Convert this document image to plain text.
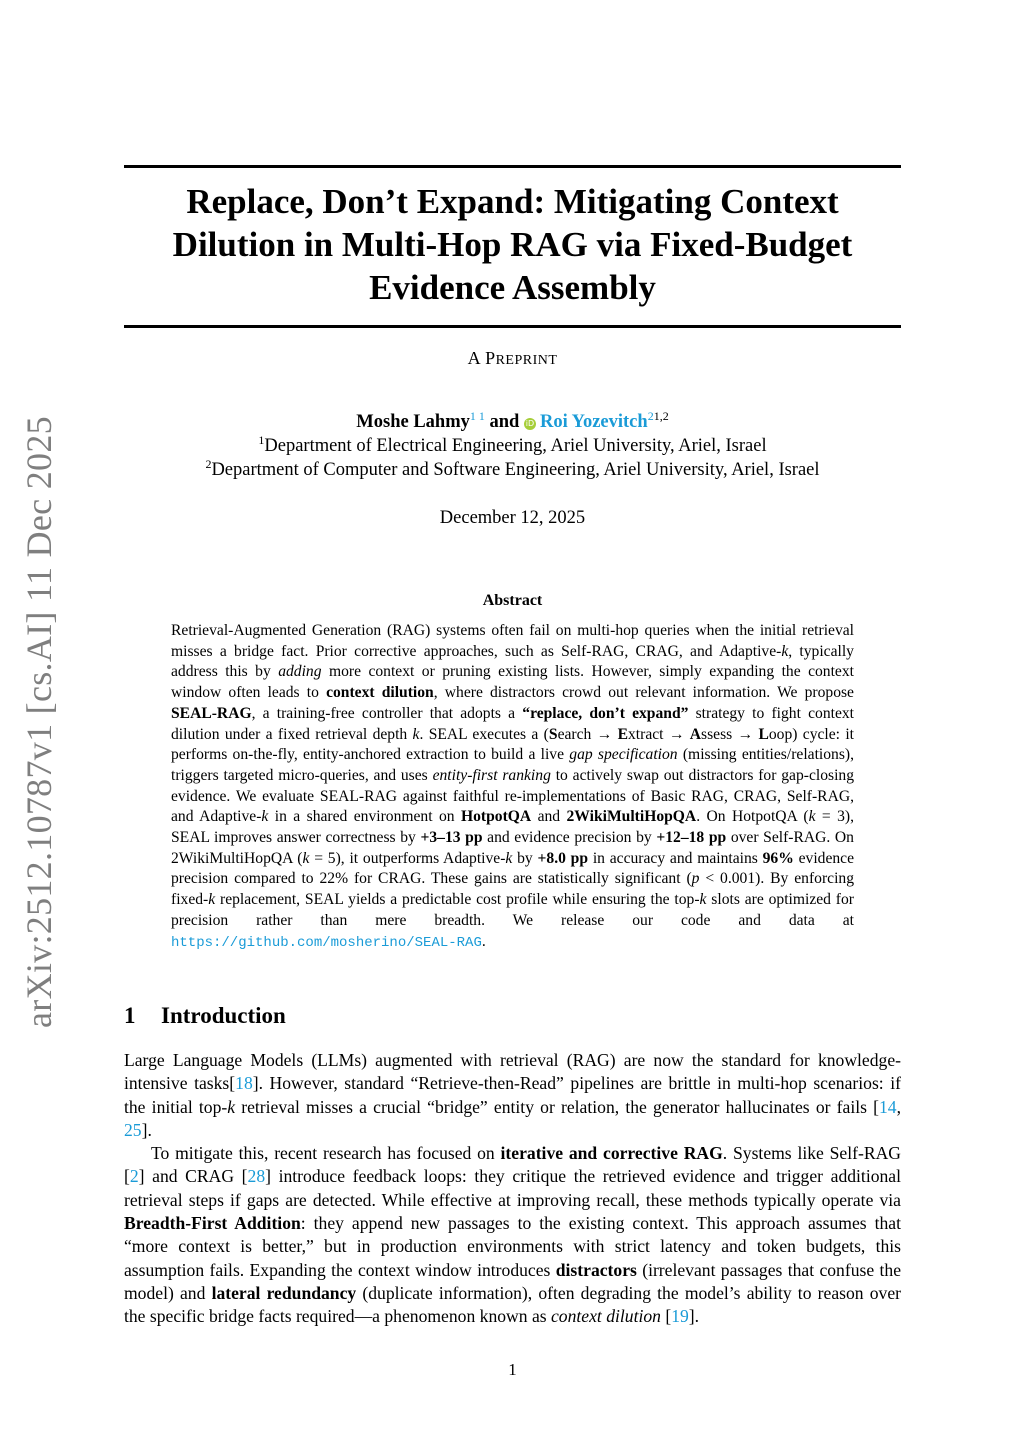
Replace, Don’t Expand: Mitigating Context
Dilution in Multi-Hop RAG via Fixed-Budget
Evidence Assembly
A PREPRINT
Moshe Lahmy$^{1 1}$ and iD Roi Yozevitch$^{21,2}$
$^1$Department of Electrical Engineering, Ariel University, Ariel, Israel
$^2$Department of Computer and Software Engineering, Ariel University, Ariel, Israel
December 12, 2025
arXiv:2512.10787v1 [cs.AI] 11 Dec 2025	Abstract
Retrieval-Augmented Generation (RAG) systems often fail on multi-hop queries when the initial retrieval misses a bridge fact. Prior corrective approaches, such as Self-RAG, CRAG, and Adaptive-k, typically address this by adding more context or pruning existing lists. However, simply expanding the context window often leads to context dilution, where distractors crowd out relevant information. We propose SEAL-RAG, a training-free controller that adopts a “replace, don’t expand” strategy to fight context dilution under a fixed retrieval depth k. SEAL executes a (Search → Extract → Assess → Loop) cycle: it performs on-the-fly, entity-anchored extraction to build a live gap specification (missing entities/relations), triggers targeted micro-queries, and uses entity-first ranking to actively swap out distractors for gap-closing evidence. We evaluate SEAL-RAG against faithful re-implementations of Basic RAG, CRAG, Self-RAG, and Adaptive-k in a shared environment on HotpotQA and 2WikiMultiHopQA. On HotpotQA (k = 3), SEAL improves answer correctness by +3–13 pp and evidence precision by +12–18 pp over Self-RAG. On 2WikiMultiHopQA (k = 5), it outperforms Adaptive-k by +8.0 pp in accuracy and maintains 96% evidence precision compared to 22% for CRAG. These gains are statistically significant (p < 0.001). By enforcing fixed-k replacement, SEAL yields a predictable cost profile while ensuring the top-k slots are optimized for precision rather than mere breadth. We release our code and data at https://github.com/mosherino/SEAL-RAG.
1 Introduction

Large Language Models (LLMs) augmented with retrieval (RAG) are now the standard for knowledge-intensive tasks[18]. However, standard “Retrieve-then-Read” pipelines are brittle in multi-hop scenarios: if the initial top-k retrieval misses a crucial “bridge” entity or relation, the generator hallucinates or fails [14, 25].

To mitigate this, recent research has focused on iterative and corrective RAG. Systems like Self-RAG [2] and CRAG [28] introduce feedback loops: they critique the retrieved evidence and trigger additional retrieval steps if gaps are detected. While effective at improving recall, these methods typically operate via Breadth-First Addition: they append new passages to the existing context. This approach assumes that “more context is better,” but in production environments with strict latency and token budgets, this assumption fails. Expanding the context window introduces distractors (irrelevant passages that confuse the model) and lateral redundancy (duplicate information), often degrading the model’s ability to reason over the specific bridge facts required—a phenomenon known as context dilution [19].

1
